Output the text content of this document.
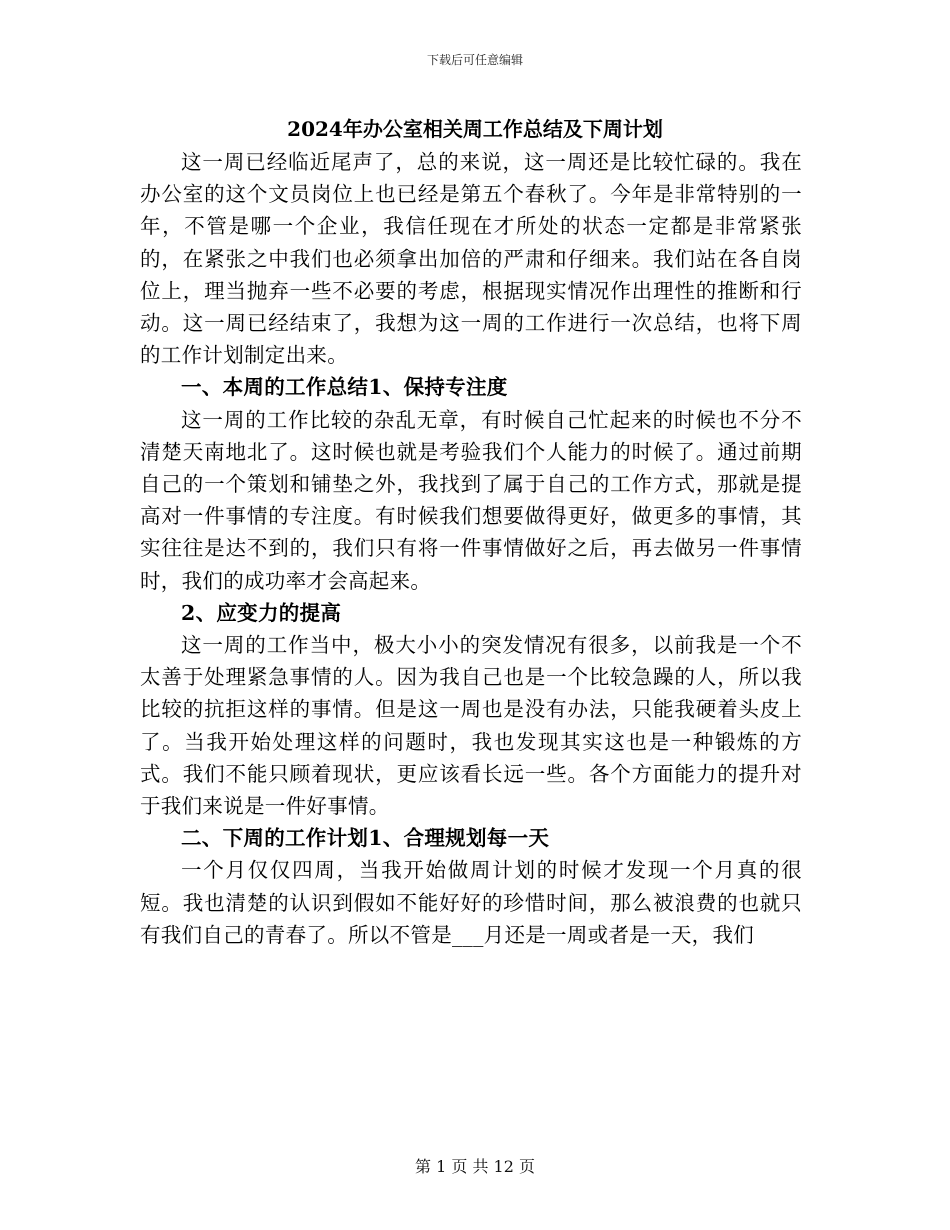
下载后可任意编辑
2024年办公室相关周工作总结及下周计划

这一周已经临近尾声了，总的来说，这一周还是比较忙碌的。我在办公室的这个文员岗位上也已经是第五个春秋了。今年是非常特别的一年，不管是哪一个企业，我信任现在才所处的状态一定都是非常紧张的，在紧张之中我们也必须拿出加倍的严肃和仔细来。我们站在各自岗位上，理当抛弃一些不必要的考虑，根据现实情况作出理性的推断和行动。这一周已经结束了，我想为这一周的工作进行一次总结，也将下周的工作计划制定出来。

一、本周的工作总结1、保持专注度

这一周的工作比较的杂乱无章，有时候自己忙起来的时候也不分不清楚天南地北了。这时候也就是考验我们个人能力的时候了。通过前期自己的一个策划和铺垫之外，我找到了属于自己的工作方式，那就是提高对一件事情的专注度。有时候我们想要做得更好，做更多的事情，其实往往是达不到的，我们只有将一件事情做好之后，再去做另一件事情时，我们的成功率才会高起来。

2、应变力的提高

这一周的工作当中，极大小小的突发情况有很多，以前我是一个不太善于处理紧急事情的人。因为我自己也是一个比较急躁的人，所以我比较的抗拒这样的事情。但是这一周也是没有办法，只能我硬着头皮上了。当我开始处理这样的问题时，我也发现其实这也是一种锻炼的方式。我们不能只顾着现状，更应该看长远一些。各个方面能力的提升对于我们来说是一件好事情。

二、下周的工作计划1、合理规划每一天

一个月仅仅四周，当我开始做周计划的时候才发现一个月真的很短。我也清楚的认识到假如不能好好的珍惜时间，那么被浪费的也就只有我们自己的青春了。所以不管是___月还是一周或者是一天，我们

第 1 页 共 12 页
